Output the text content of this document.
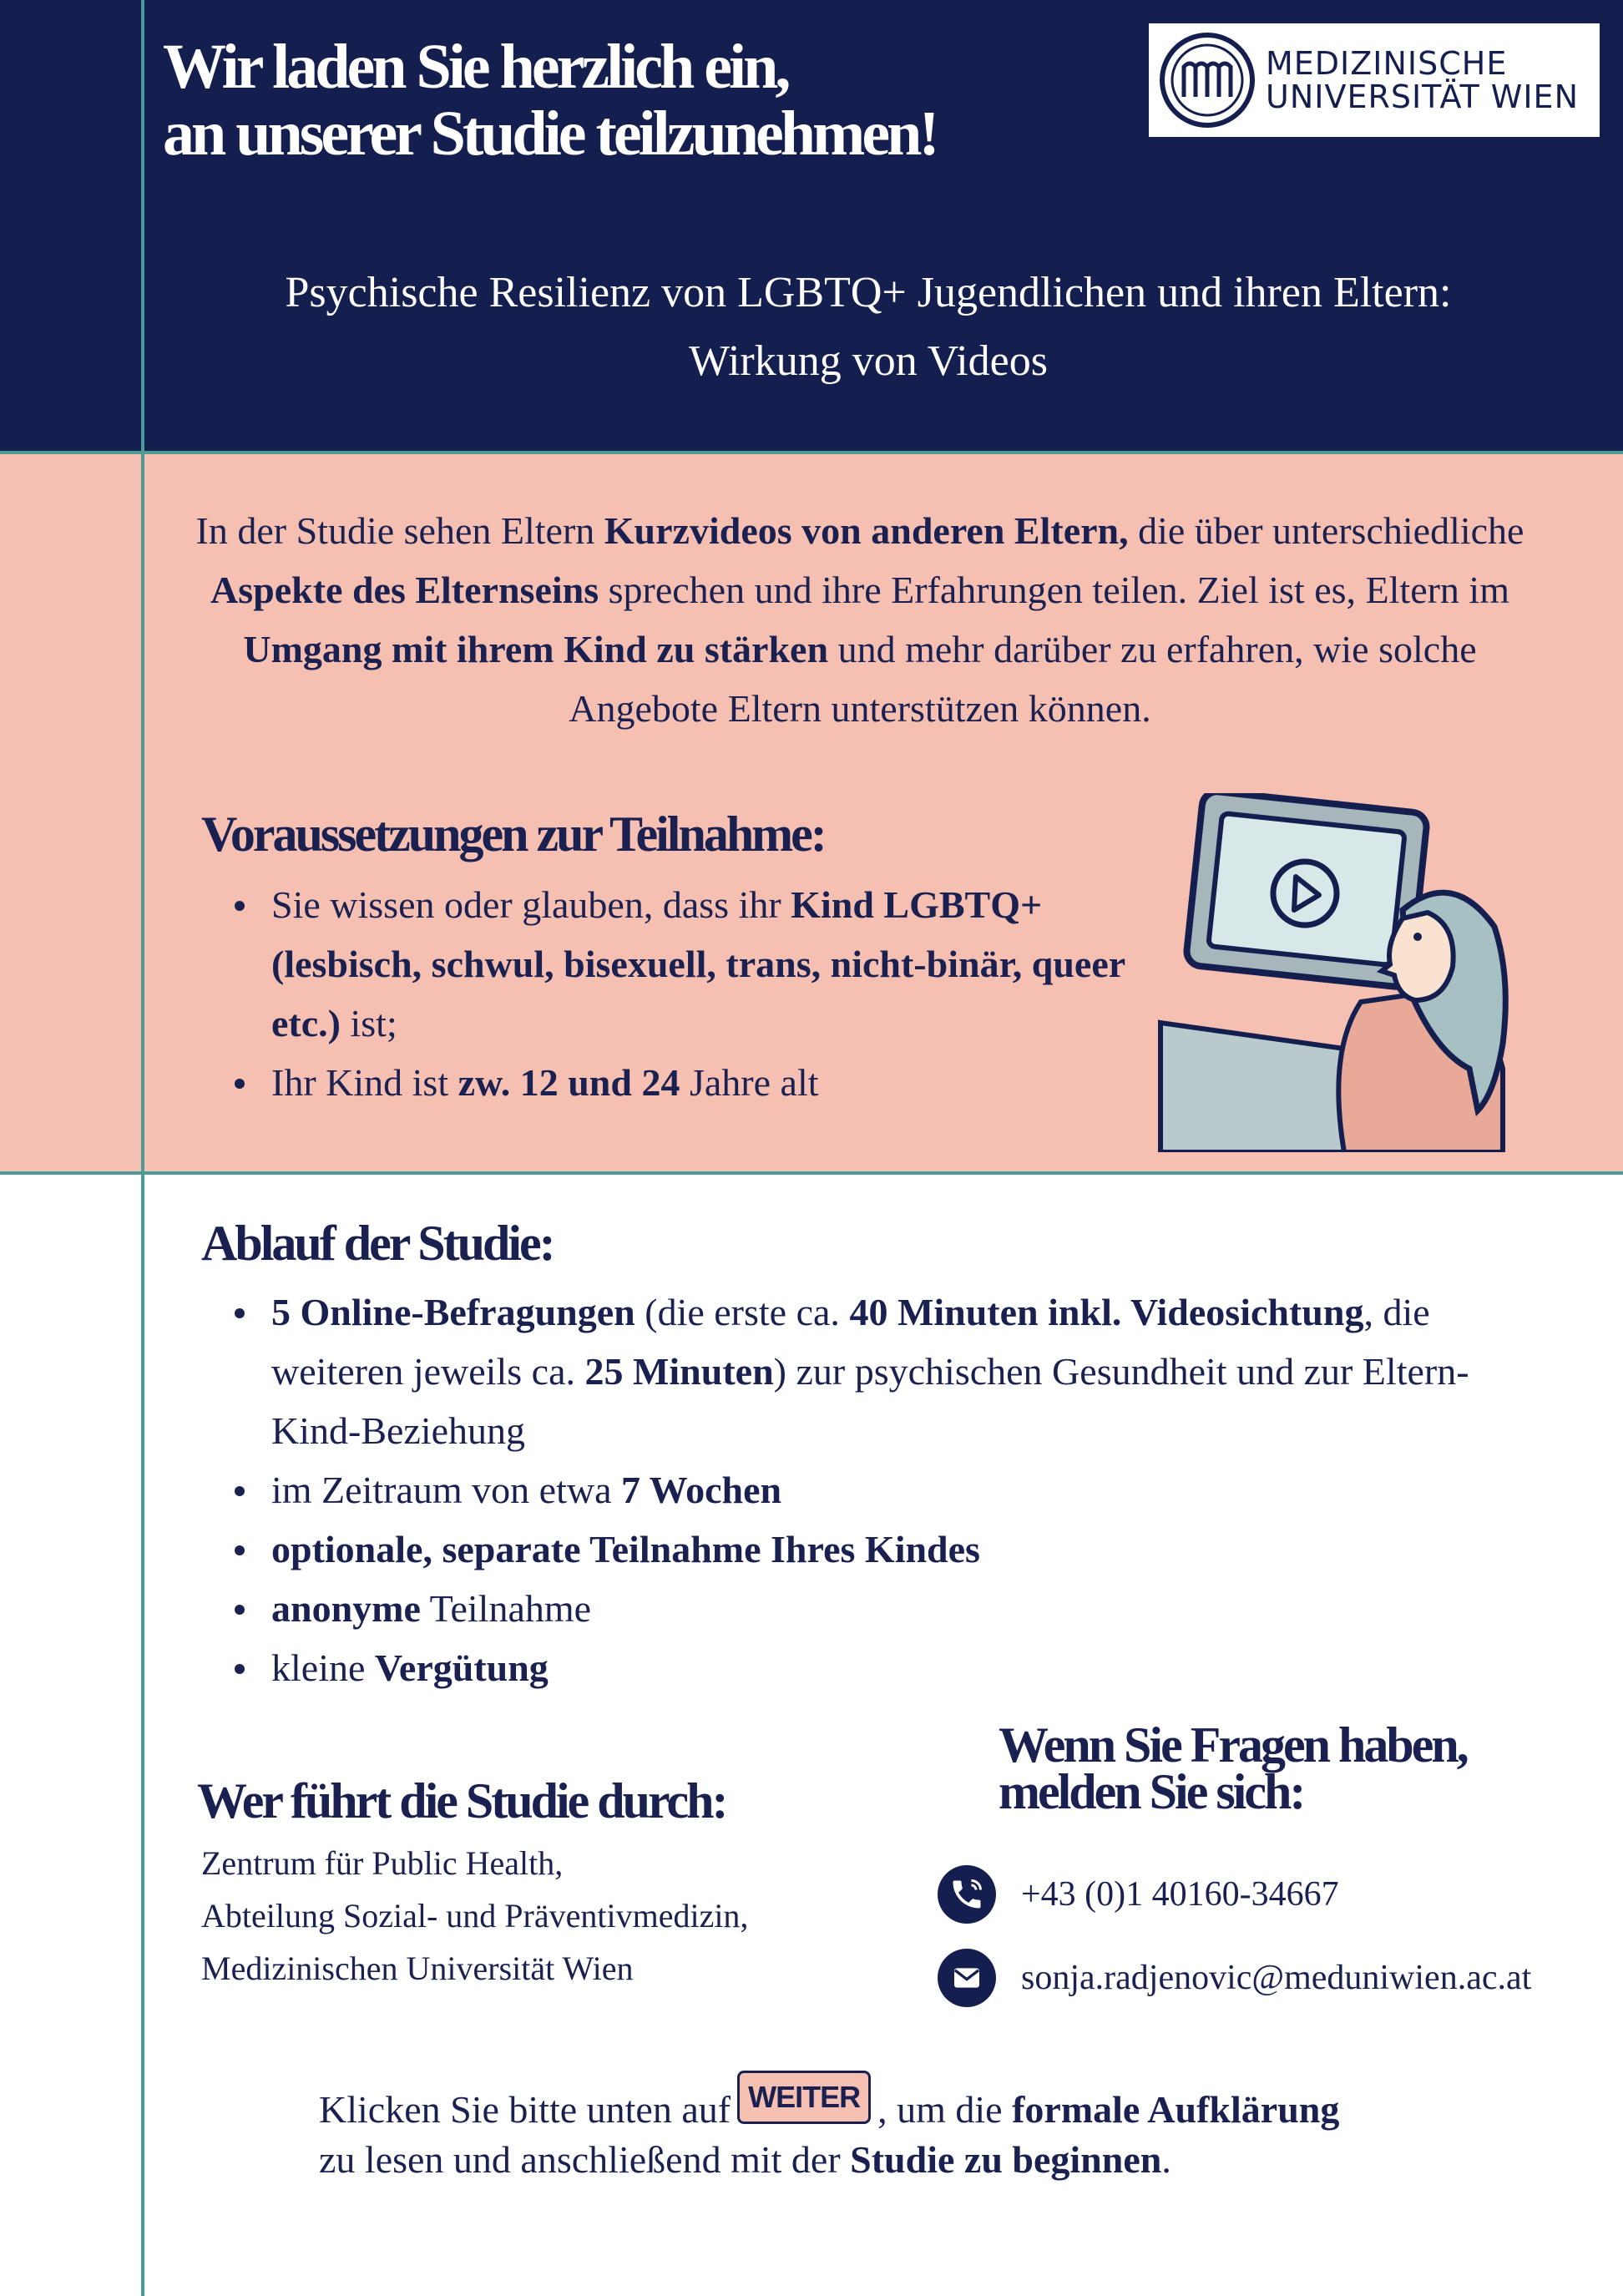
Wir laden Sie herzlich ein,
an unserer Studie teilzunehmen!
MEDIZINISCHE
UNIVERSITÄT WIEN
Psychische Resilienz von LGBTQ+ Jugendlichen und ihren Eltern:
Wirkung von Videos
In der Studie sehen Eltern Kurzvideos von anderen Eltern, die über unterschiedliche Aspekte des Elternseins sprechen und ihre Erfahrungen teilen. Ziel ist es, Eltern im Umgang mit ihrem Kind zu stärken und mehr darüber zu erfahren, wie solche Angebote Eltern unterstützen können.
Voraussetzungen zur Teilnahme:
Sie wissen oder glauben, dass ihr Kind LGBTQ+ (lesbisch, schwul, bisexuell, trans, nicht-binär, queer etc.) ist;
Ihr Kind ist zw. 12 und 24 Jahre alt
Ablauf der Studie:
5 Online-Befragungen (die erste ca. 40 Minuten inkl. Videosichtung, die weiteren jeweils ca. 25 Minuten) zur psychischen Gesundheit und zur Eltern-Kind-Beziehung
im Zeitraum von etwa 7 Wochen
optionale, separate Teilnahme Ihres Kindes
anonyme Teilnahme
kleine Vergütung
Wer führt die Studie durch:
Zentrum für Public Health,
Abteilung Sozial- und Präventivmedizin,
Medizinischen Universität Wien
Wenn Sie Fragen haben,
melden Sie sich:
+43 (0)1 40160-34667
sonja.radjenovic@meduniwien.ac.at
Klicken Sie bitte unten auf WEITER , um die formale Aufklärung
zu lesen und anschließend mit der Studie zu beginnen.
